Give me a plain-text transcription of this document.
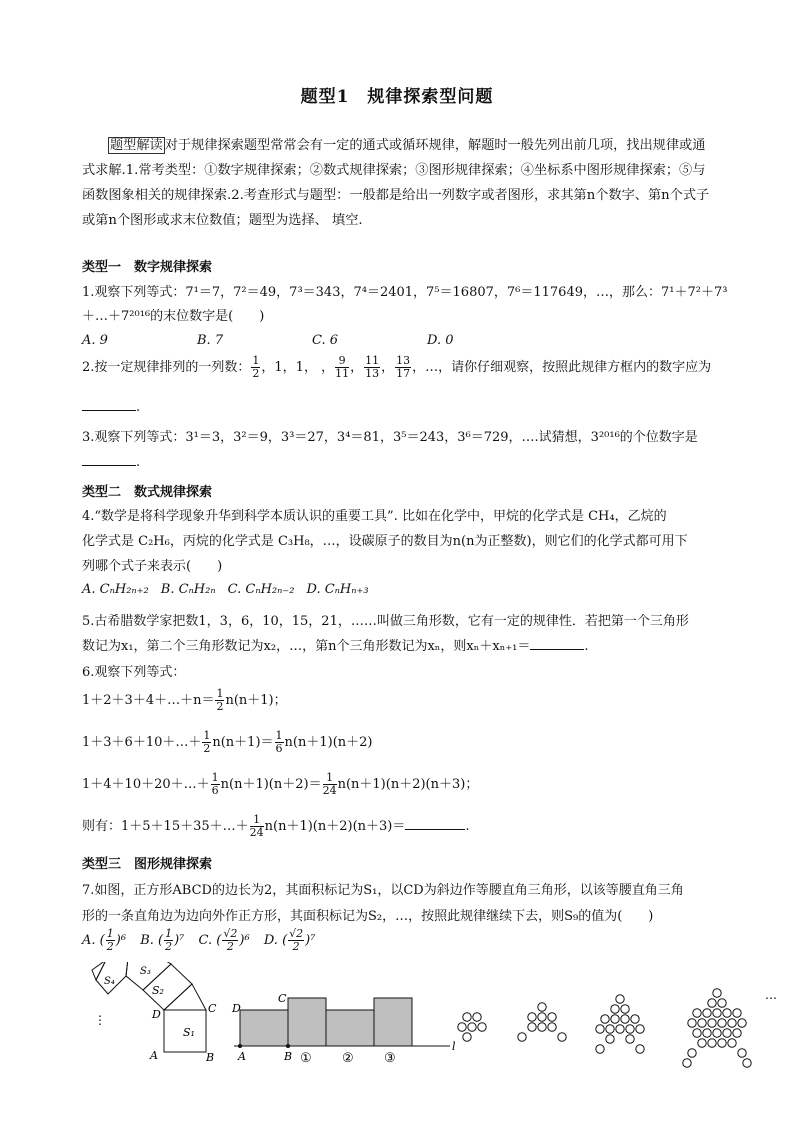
题型1　规律探索型问题
题型解读 对于规律探索题型常常会有一定的通式或循环规律，解题时一般先列出前几项，找出规律或通式求解.1.常考类型：①数字规律探索；②数式规律探索；③图形规律探索；④坐标系中图形规律探索；⑤与函数图象相关的规律探索.2.考查形式与题型：一般都是给出一列数字或者图形，求其第n个数字、第n个式子或第n个图形或求末位数值；题型为选择、 填空.
类型一　数字规律探索
1.观察下列等式：7¹＝7，7²＝49，7³＝343，7⁴＝2401，7⁵＝16807，7⁶＝117649，…，那么：7¹＋7²＋7³
＋…＋7²⁰¹⁶的末位数字是(　　)
A. 9	B. 7	C. 6	D. 0
2.按一定规律排列的一列数： $\frac{1}{2}$ ，1，1， ， $\frac{9}{11}$ ， $\frac{11}{13}$ ， $\frac{13}{17}$ ，…，请你仔细观察，按照此规律方框内的数字应为
.
3.观察下列等式：3¹＝3，3²＝9，3³＝27，3⁴＝81，3⁵＝243，3⁶＝729，….试猜想，3²⁰¹⁶的个位数字是
.
类型二　数式规律探索
4.“数学是将科学现象升华到科学本质认识的重要工具”. 比如在化学中，甲烷的化学式是 CH₄，乙烷的
化学式是 C₂H₆，丙烷的化学式是 C₃H₈，…，设碳原子的数目为n(n为正整数)，则它们的化学式都可用下
列哪个式子来表示(　　)
A. CₙH₂ₙ₊₂ B. CₙH₂ₙ C. CₙH₂ₙ₋₂ D. CₙHₙ₊₃
5.古希腊数学家把数1，3，6，10，15，21，……叫做三角形数，它有一定的规律性．若把第一个三角形
数记为x₁，第二个三角形数记为x₂，…，第n个三角形数记为xₙ，则xₙ＋xₙ₊₁＝	.
6.观察下列等式：
1＋2＋3＋4＋…＋n＝ $\frac{1}{2} n(n+1)$；
1＋3＋6＋10＋…＋ $\frac{1}{2} n(n+1)= \frac{1}{6} n(n+1)(n+2)$
1＋4＋10＋20＋…＋ $\frac{1}{6} n(n+1)(n+2)= \frac{1}{24} n(n+1)(n+2)(n+3)$；
则有：1＋5＋15＋35＋…＋ $\frac{1}{24} n(n+1)(n+2)(n+3)=$	.
类型三　图形规律探索
7.如图，正方形ABCD的边长为2，其面积标记为S₁，以CD为斜边作等腰直角三角形，以该等腰直角三角
形的一条直角边为边向外作正方形，其面积标记为S₂，…，按照此规律继续下去，则S₉的值为(　　)
A. ( $\frac{1}{2} )^6$ B. ( $\frac{1}{2} )^7$ C. ( $\frac{√2}{2} )^6$ D. ( $\frac{√2}{2} )^7$
S₁
S₂
S₃
S₄
A	B
C
D
⋮
D
C
A	B
l
① ② ③
…
